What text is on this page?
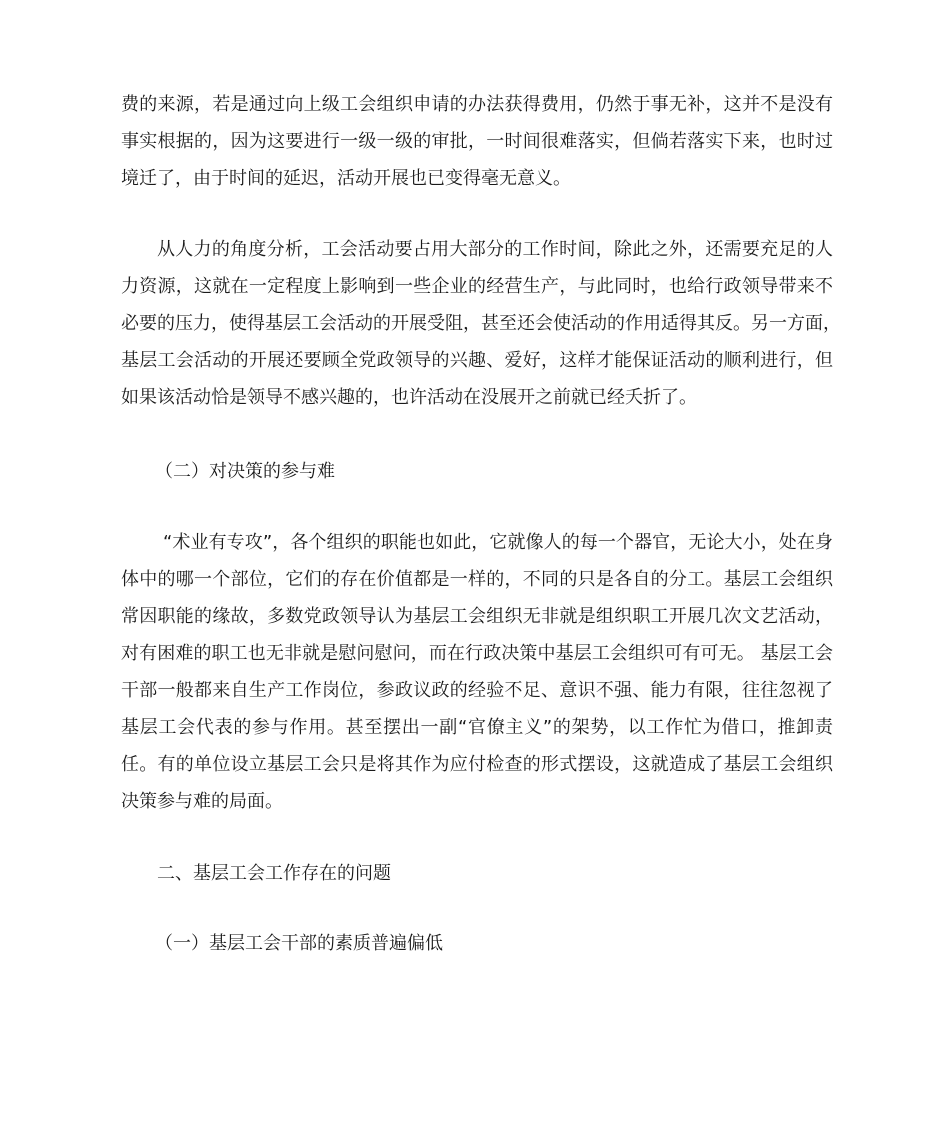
费的来源，若是通过向上级工会组织申请的办法获得费用，仍然于事无补，这并不是没有
事实根据的，因为这要进行一级一级的审批，一时间很难落实，但倘若落实下来，也时过
境迁了，由于时间的延迟，活动开展也已变得毫无意义。
从人力的角度分析，工会活动要占用大部分的工作时间，除此之外，还需要充足的人
力资源，这就在一定程度上影响到一些企业的经营生产，与此同时，也给行政领导带来不
必要的压力，使得基层工会活动的开展受阻，甚至还会使活动的作用适得其反。另一方面，
基层工会活动的开展还要顾全党政领导的兴趣、爱好，这样才能保证活动的顺利进行，但
如果该活动恰是领导不感兴趣的，也许活动在没展开之前就已经夭折了。
（二）对决策的参与难
“术业有专攻”，各个组织的职能也如此，它就像人的每一个器官，无论大小，处在身
体中的哪一个部位，它们的存在价值都是一样的，不同的只是各自的分工。基层工会组织
常因职能的缘故，多数党政领导认为基层工会组织无非就是组织职工开展几次文艺活动，
对有困难的职工也无非就是慰问慰问，而在行政决策中基层工会组织可有可无。 基层工会
干部一般都来自生产工作岗位，参政议政的经验不足、意识不强、能力有限，往往忽视了
基层工会代表的参与作用。甚至摆出一副“官僚主义”的架势，以工作忙为借口，推卸责
任。有的单位设立基层工会只是将其作为应付检查的形式摆设，这就造成了基层工会组织
决策参与难的局面。
二、基层工会工作存在的问题
（一）基层工会干部的素质普遍偏低
